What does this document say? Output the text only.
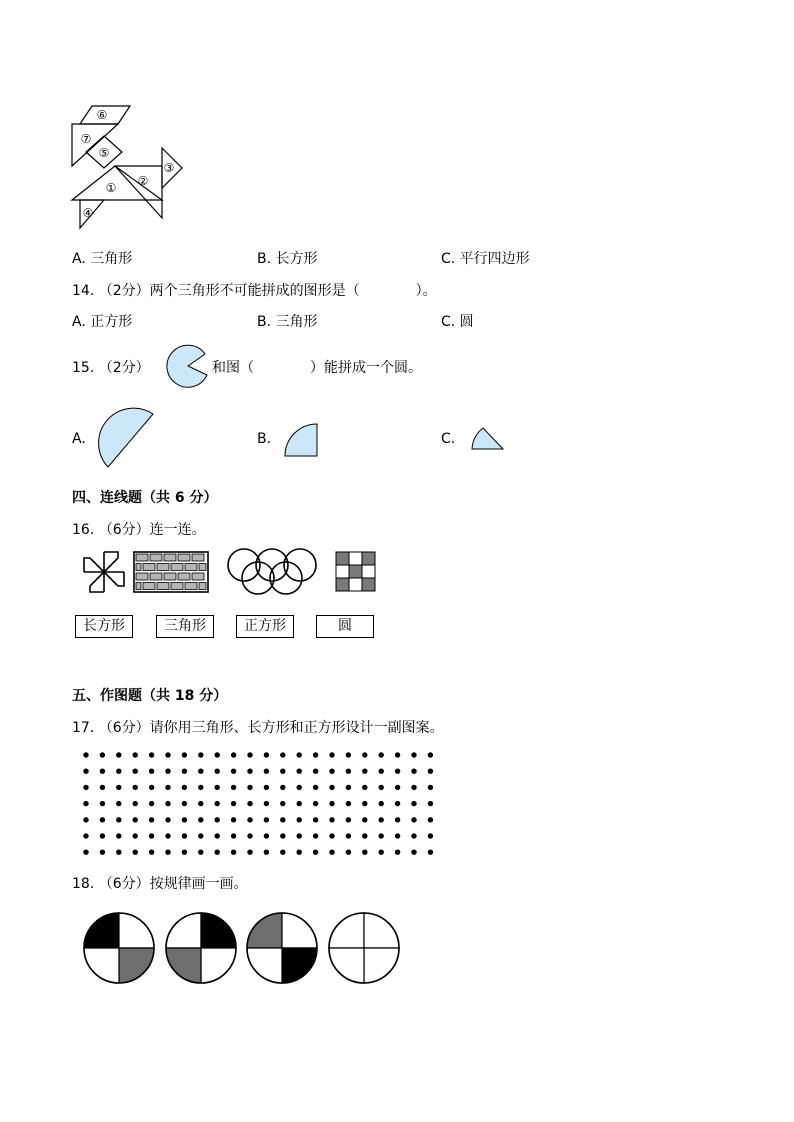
⑥
⑦
⑤
① ②
③
④
A. 三角形	B. 长方形	C. 平行四边形
14. （2分）两个三角形不可能拼成的图形是（　　　　）。
A. 正方形	B. 三角形	C. 圆
15. （2分）	和图（　　　　）能拼成一个圆。
A.	B.	C.
四、连线题（共 6 分）
16. （6分）连一连。
长方形	三角形	正方形	圆
五、作图题（共 18 分）
17. （6分）请你用三角形、长方形和正方形设计一副图案。
18. （6分）按规律画一画。
